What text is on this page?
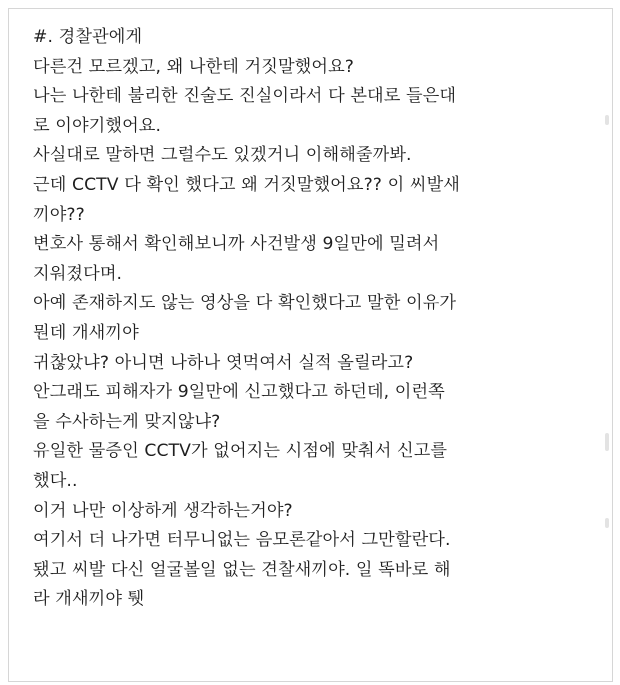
#. 경찰관에게
다른건 모르겠고, 왜 나한테 거짓말했어요?
나는 나한테 불리한 진술도 진실이라서 다 본대로 들은대
로 이야기했어요.
사실대로 말하면 그럴수도 있겠거니 이해해줄까봐.
근데 CCTV 다 확인 했다고 왜 거짓말했어요?? 이 씨발새
끼야??
변호사 통해서 확인해보니까 사건발생 9일만에 밀려서
지워졌다며.
아예 존재하지도 않는 영상을 다 확인했다고 말한 이유가
뭔데 개새끼야
귀찮았냐? 아니면 나하나 엿먹여서 실적 올릴라고?
안그래도 피해자가 9일만에 신고했다고 하던데, 이런쪽
을 수사하는게 맞지않냐?
유일한 물증인 CCTV가 없어지는 시점에 맞춰서 신고를
했다..
이거 나만 이상하게 생각하는거야?
여기서 더 나가면 터무니없는 음모론같아서 그만할란다.
됐고 씨발 다신 얼굴볼일 없는 견찰새끼야. 일 똑바로 해
라 개새끼야 퉷
